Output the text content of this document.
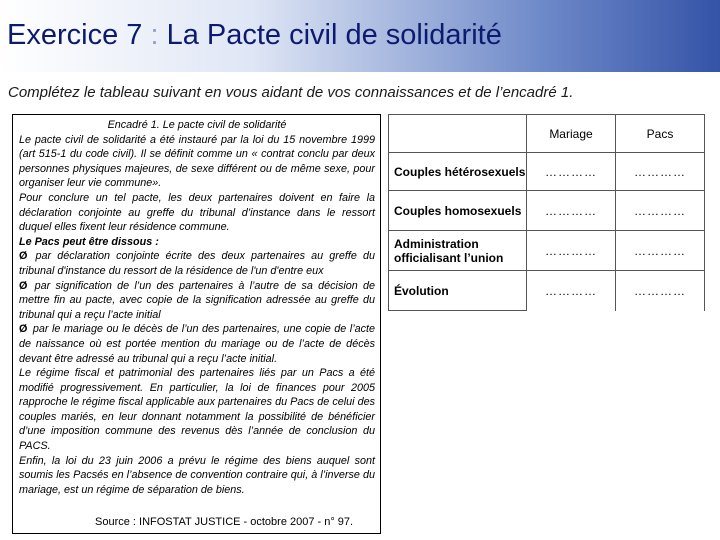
Exercice 7 : La Pacte civil de solidarité
Complétez le tableau suivant en vous aidant de vos connaissances et de l’encadré 1.

Encadré 1. Le pacte civil de solidarité

Le pacte civil de solidarité a été instauré par la loi du 15 novembre 1999 (art 515-1 du code civil). Il se définit comme un « contrat conclu par deux personnes physiques majeures, de sexe différent ou de même sexe, pour organiser leur vie commune».

Pour conclure un tel pacte, les deux partenaires doivent en faire la déclaration conjointe au greffe du tribunal d’instance dans le ressort duquel elles fixent leur résidence commune.

Le Pacs peut être dissous :

Ø par déclaration conjointe écrite des deux partenaires au greffe du tribunal d'instance du ressort de la résidence de l'un d'entre eux

Ø par signification de l’un des partenaires à l’autre de sa décision de mettre fin au pacte, avec copie de la signification adressée au greffe du tribunal qui a reçu l’acte initial

Ø par le mariage ou le décès de l’un des partenaires, une copie de l’acte de naissance où est portée mention du mariage ou de l’acte de décès devant être adressé au tribunal qui a reçu l’acte initial.

Le régime fiscal et patrimonial des partenaires liés par un Pacs a été modifié progressivement. En particulier, la loi de finances pour 2005 rapproche le régime fiscal applicable aux partenaires du Pacs de celui des couples mariés, en leur donnant notamment la possibilité de bénéficier d’une imposition commune des revenus dès l’année de conclusion du PACS.

Enfin, la loi du 23 juin 2006 a prévu le régime des biens auquel sont soumis les Pacsés en l’absence de convention contraire qui, à l’inverse du mariage, est un régime de séparation de biens.

Source : INFOSTAT JUSTICE - octobre 2007 - n° 97.
	Mariage	Pacs
Couples hétérosexuels	…………	…………
Couples homosexuels	…………	…………
Administration officialisant l’union	…………	…………
Évolution	…………	…………
